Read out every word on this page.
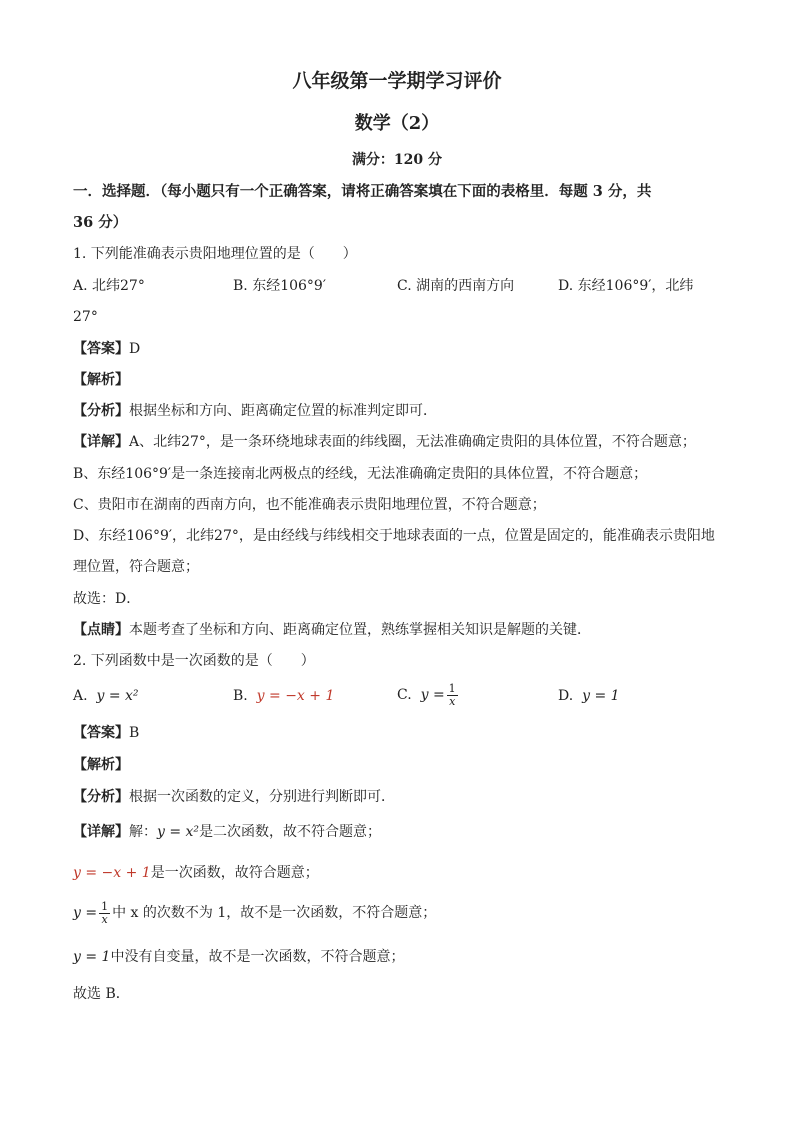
八年级第一学期学习评价
数学（2）
满分：120 分
一．选择题．（每小题只有一个正确答案，请将正确答案填在下面的表格里．每题 3 分，共
36 分）
1. 下列能准确表示贵阳地理位置的是（　　）
A. 北纬27°	B. 东经106°9′	C. 湖南的西南方向	D. 东经106°9′，北纬
27°
【答案】D
【解析】
【分析】根据坐标和方向、距离确定位置的标准判定即可．
【详解】A、北纬27°，是一条环绕地球表面的纬线圈，无法准确确定贵阳的具体位置，不符合题意；
B、东经106°9′是一条连接南北两极点的经线，无法准确确定贵阳的具体位置，不符合题意；
C、贵阳市在湖南的西南方向，也不能准确表示贵阳地理位置，不符合题意；
D、东经106°9′，北纬27°，是由经线与纬线相交于地球表面的一点，位置是固定的，能准确表示贵阳地
理位置，符合题意；
故选：D．
【点睛】本题考查了坐标和方向、距离确定位置，熟练掌握相关知识是解题的关键．
2. 下列函数中是一次函数的是（　　）
A. y = x²	B. y = −x + 1	C. $y = \frac{1}{x}$	D. y = 1
【答案】B
【解析】
【分析】根据一次函数的定义，分别进行判断即可．
【详解】解：y = x²是二次函数，故不符合题意；
y = −x + 1是一次函数，故符合题意；
$y = \frac{1}{x}$ 中 x 的次数不为 1，故不是一次函数，不符合题意；
y = 1中没有自变量，故不是一次函数，不符合题意；
故选 B．
